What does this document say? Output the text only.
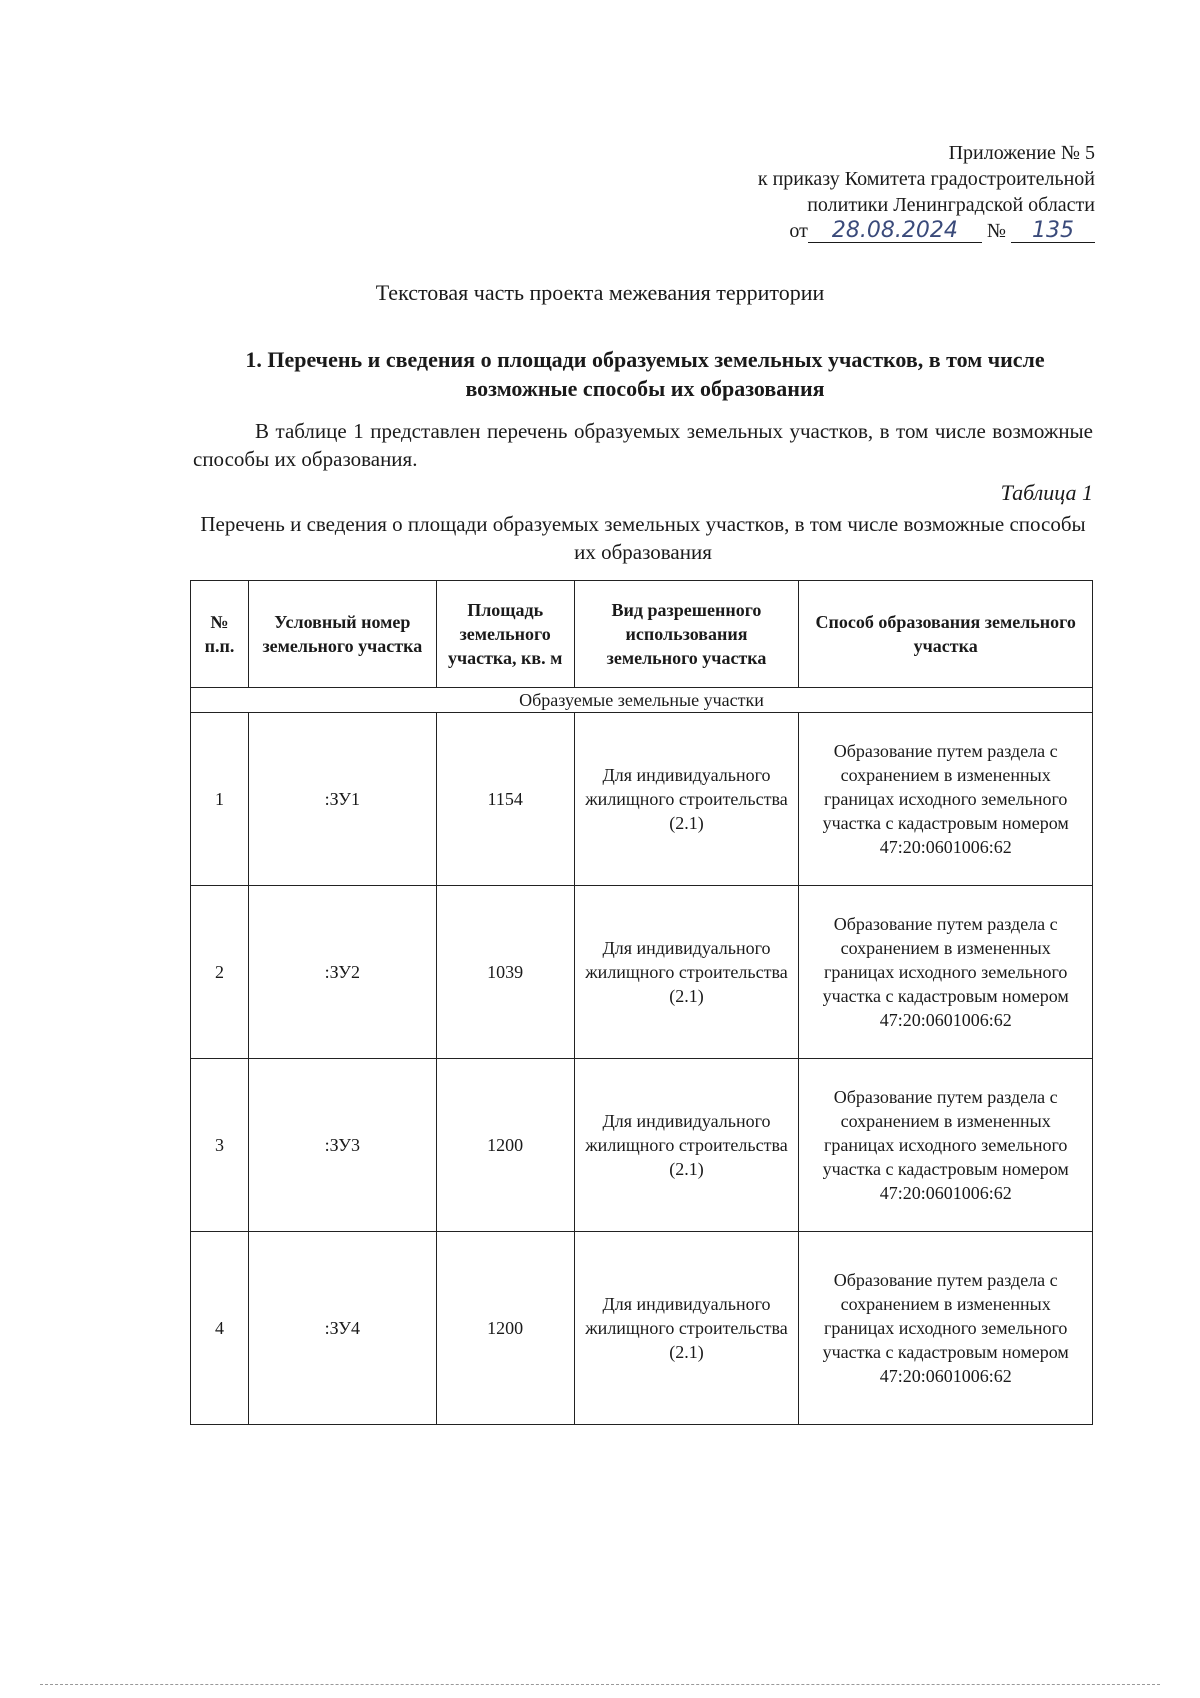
Приложение № 5
к приказу Комитета градостроительной
политики Ленинградской области
от 28.08.2024 № 135
Текстовая часть проекта межевания территории
1. Перечень и сведения о площади образуемых земельных участков, в том числе возможные способы их образования
В таблице 1 представлен перечень образуемых земельных участков, в том числе возможные способы их образования.
Таблица 1
Перечень и сведения о площади образуемых земельных участков, в том числе возможные способы их образования
№ п.п.	Условный номер земельного участка	Площадь земельного участка, кв. м	Вид разрешенного использования земельного участка	Способ образования земельного участка
Образуемые земельные участки				
1	:ЗУ1	1154	Для индивидуального жилищного строительства (2.1)	Образование путем раздела с сохранением в измененных границах исходного земельного участка с кадастровым номером 47:20:0601006:62
2	:ЗУ2	1039	Для индивидуального жилищного строительства (2.1)	Образование путем раздела с сохранением в измененных границах исходного земельного участка с кадастровым номером 47:20:0601006:62
3	:ЗУ3	1200	Для индивидуального жилищного строительства (2.1)	Образование путем раздела с сохранением в измененных границах исходного земельного участка с кадастровым номером 47:20:0601006:62
4	:ЗУ4	1200	Для индивидуального жилищного строительства (2.1)	Образование путем раздела с сохранением в измененных границах исходного земельного участка с кадастровым номером 47:20:0601006:62
